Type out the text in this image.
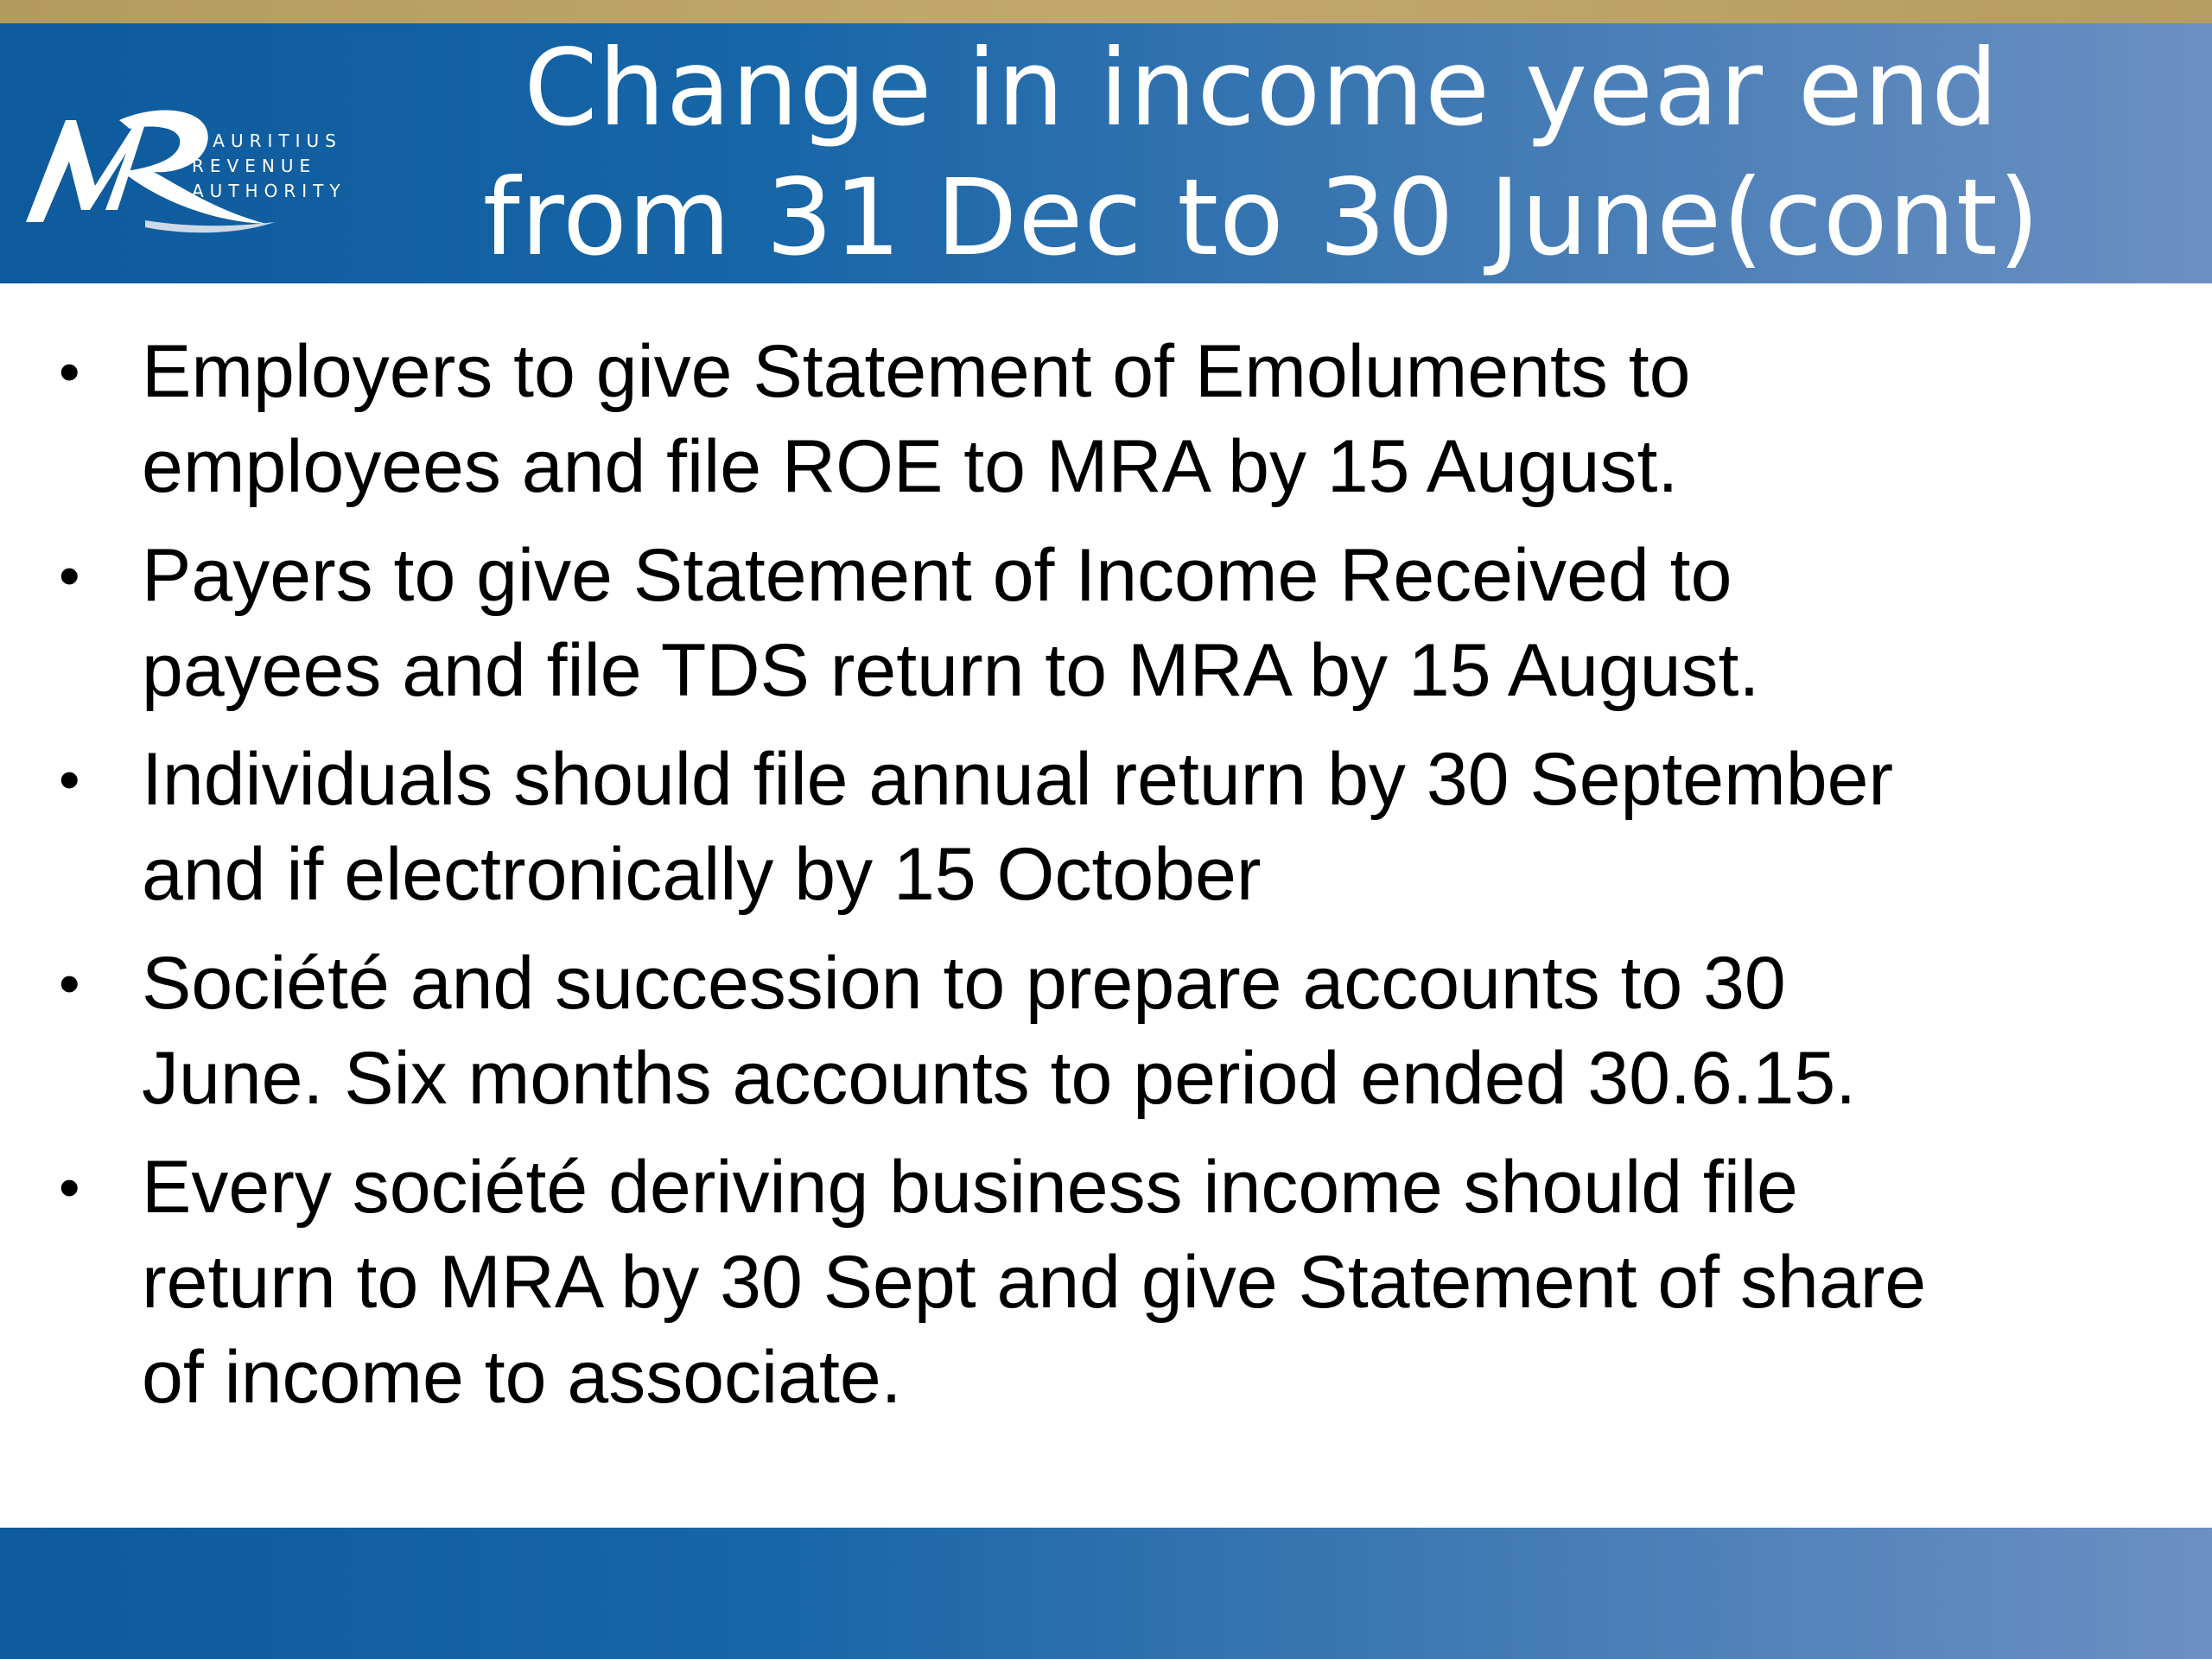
MAURITIUS
REVENUE
AUTHORITY
Change in income year end
from 31 Dec to 30 June(cont)
• Employers to give Statement of Emoluments to
employees and file ROE to MRA by 15 August.
• Payers to give Statement of Income Received to
payees and file TDS return to MRA by 15 August.
• Individuals should file annual return by 30 September
and if electronically by 15 October
• Société and succession to prepare accounts to 30
June. Six months accounts to period ended 30.6.15.
• Every société deriving business income should file
return to MRA by 30 Sept and give Statement of share
of income to associate.
